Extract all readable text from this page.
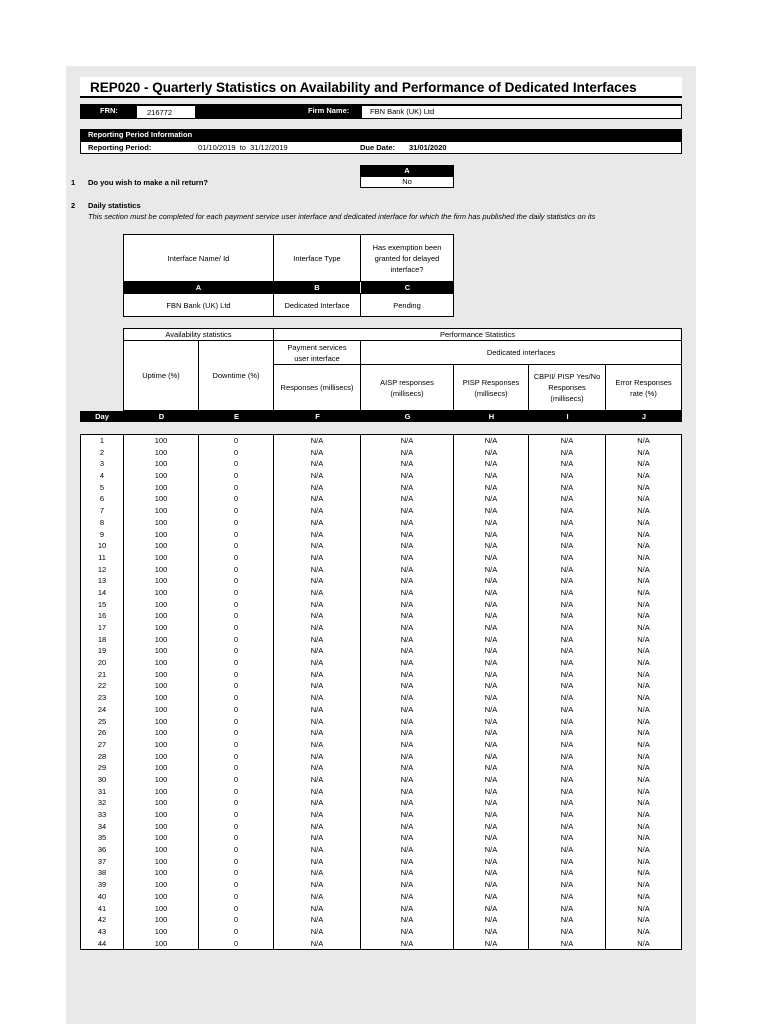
REP020 - Quarterly Statistics on Availability and Performance of Dedicated Interfaces
FRN:	216772	Firm Name:	FBN Bank (UK) Ltd
Reporting Period Information
Reporting Period:	01/10/2019  to  31/12/2019	Due Date: 31/01/2020
A
No
1 Do you wish to make a nil return?
2 Daily statistics
This section must be completed for each payment service user interface and dedicated interface for which the firm has published the daily statistics on its
Interface Name/ Id	Interface Type
Has exemption been granted for delayed interface?
A	B	C
FBN Bank (UK) Ltd	Dedicated Interface	Pending
Availability statistics	Performance Statistics
Payment services user interface
Dedicated interfaces
Uptime (%)	Downtime (%)
Responses (millisecs)
AISP responses (millisecs)
PISP Responses (millisecs)
CBPII/ PISP Yes/No Responses (millisecs)
Error Responses rate (%)
Day	D	E	F	G	H	I	J
1	100	0	N/A	N/A	N/A	N/A	N/A
2	100	0	N/A	N/A	N/A	N/A	N/A
3	100	0	N/A	N/A	N/A	N/A	N/A
4	100	0	N/A	N/A	N/A	N/A	N/A
5	100	0	N/A	N/A	N/A	N/A	N/A
6	100	0	N/A	N/A	N/A	N/A	N/A
7	100	0	N/A	N/A	N/A	N/A	N/A
8	100	0	N/A	N/A	N/A	N/A	N/A
9	100	0	N/A	N/A	N/A	N/A	N/A
10	100	0	N/A	N/A	N/A	N/A	N/A
11	100	0	N/A	N/A	N/A	N/A	N/A
12	100	0	N/A	N/A	N/A	N/A	N/A
13	100	0	N/A	N/A	N/A	N/A	N/A
14	100	0	N/A	N/A	N/A	N/A	N/A
15	100	0	N/A	N/A	N/A	N/A	N/A
16	100	0	N/A	N/A	N/A	N/A	N/A
17	100	0	N/A	N/A	N/A	N/A	N/A
18	100	0	N/A	N/A	N/A	N/A	N/A
19	100	0	N/A	N/A	N/A	N/A	N/A
20	100	0	N/A	N/A	N/A	N/A	N/A
21	100	0	N/A	N/A	N/A	N/A	N/A
22	100	0	N/A	N/A	N/A	N/A	N/A
23	100	0	N/A	N/A	N/A	N/A	N/A
24	100	0	N/A	N/A	N/A	N/A	N/A
25	100	0	N/A	N/A	N/A	N/A	N/A
26	100	0	N/A	N/A	N/A	N/A	N/A
27	100	0	N/A	N/A	N/A	N/A	N/A
28	100	0	N/A	N/A	N/A	N/A	N/A
29	100	0	N/A	N/A	N/A	N/A	N/A
30	100	0	N/A	N/A	N/A	N/A	N/A
31	100	0	N/A	N/A	N/A	N/A	N/A
32	100	0	N/A	N/A	N/A	N/A	N/A
33	100	0	N/A	N/A	N/A	N/A	N/A
34	100	0	N/A	N/A	N/A	N/A	N/A
35	100	0	N/A	N/A	N/A	N/A	N/A
36	100	0	N/A	N/A	N/A	N/A	N/A
37	100	0	N/A	N/A	N/A	N/A	N/A
38	100	0	N/A	N/A	N/A	N/A	N/A
39	100	0	N/A	N/A	N/A	N/A	N/A
40	100	0	N/A	N/A	N/A	N/A	N/A
41	100	0	N/A	N/A	N/A	N/A	N/A
42	100	0	N/A	N/A	N/A	N/A	N/A
43	100	0	N/A	N/A	N/A	N/A	N/A
44	100	0	N/A	N/A	N/A	N/A	N/A
